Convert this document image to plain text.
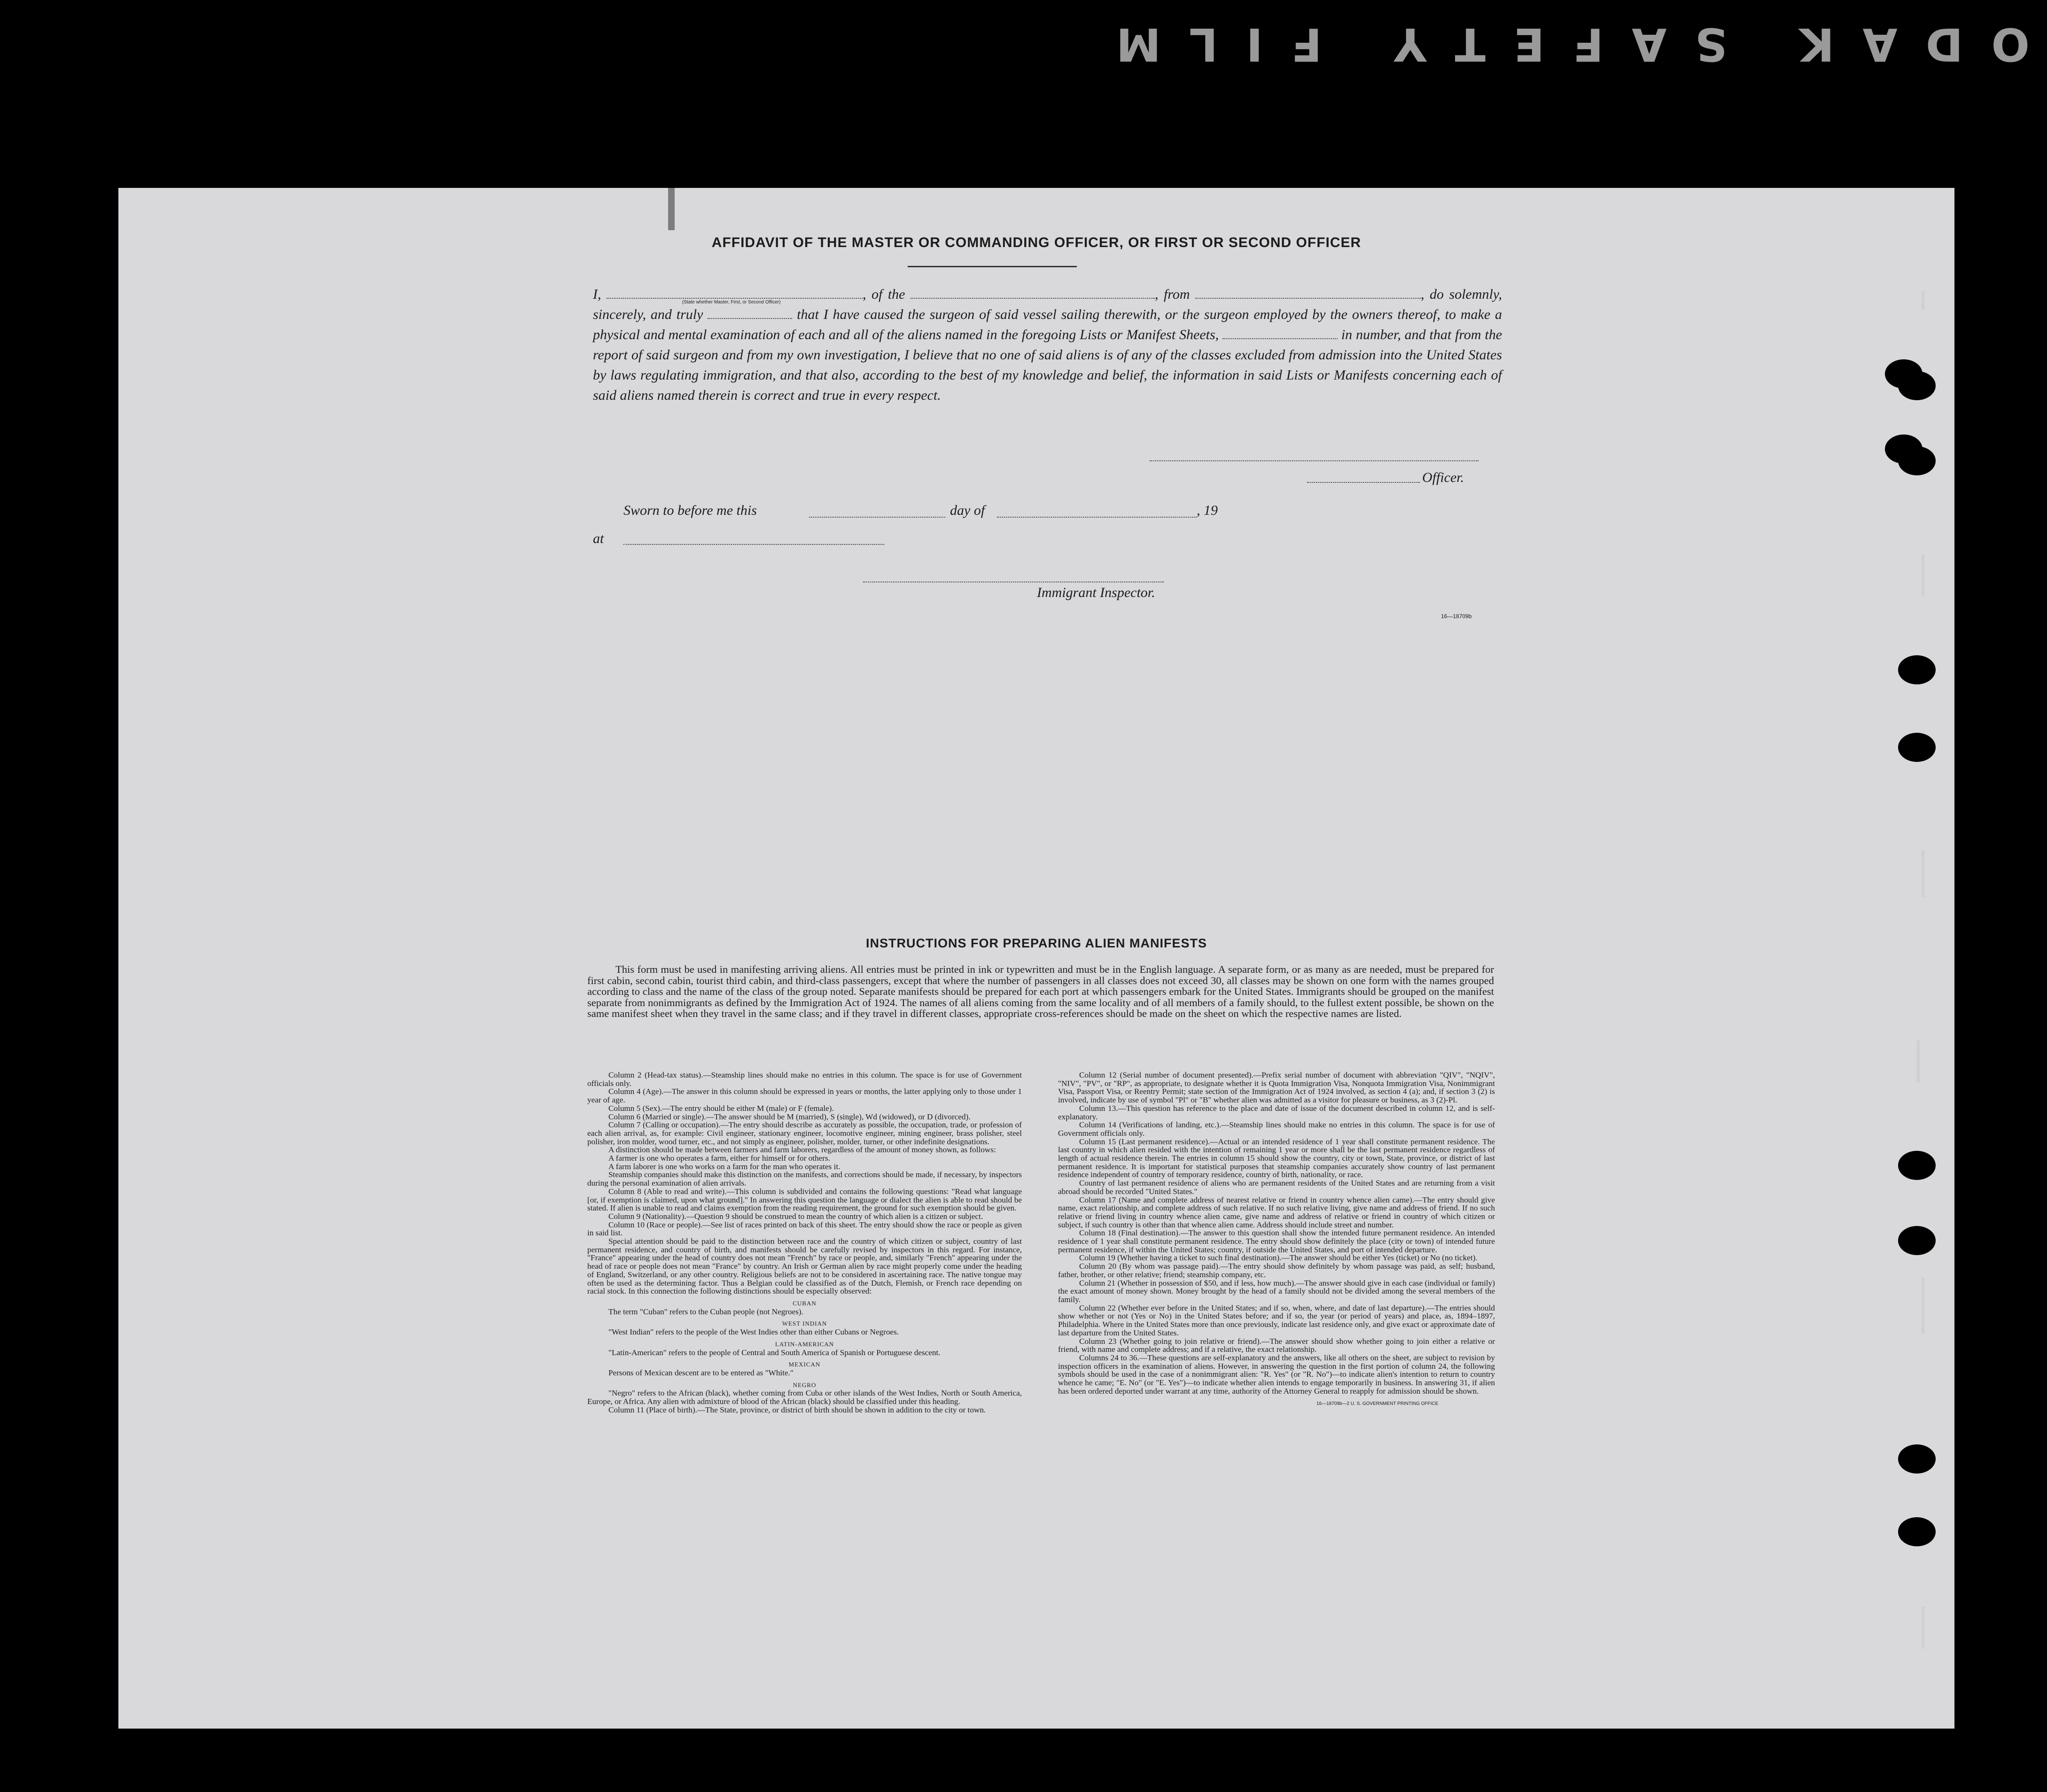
ODAK SAFETY FILM
AFFIDAVIT OF THE MASTER OR COMMANDING OFFICER, OR FIRST OR SECOND OFFICER
I,	, of the	, from	, do solemnly, sincerely, and truly	that I have caused the surgeon of said vessel sailing therewith, or the surgeon employed by the owners thereof, to make a physical and mental examination of each and all of the aliens named in the foregoing Lists or Manifest Sheets,	in number, and that from the report of said surgeon and from my own investigation, I believe that no one of said aliens is of any of the classes excluded from admission into the United States by laws regulating immigration, and that also, according to the best of my knowledge and belief, the information in said Lists or Manifests concerning each of said aliens named therein is correct and true in every respect.
(State whether Master, First, or Second Officer)
Officer.
Sworn to before me this	day of	, 19
at
Immigrant Inspector.
16—18709b
INSTRUCTIONS FOR PREPARING ALIEN MANIFESTS

This form must be used in manifesting arriving aliens. All entries must be printed in ink or typewritten and must be in the English language. A separate form, or as many as are needed, must be prepared for first cabin, second cabin, tourist third cabin, and third-class passengers, except that where the number of passengers in all classes does not exceed 30, all classes may be shown on one form with the names grouped according to class and the name of the class of the group noted. Separate manifests should be prepared for each port at which passengers embark for the United States. Immigrants should be grouped on the manifest separate from nonimmigrants as defined by the Immigration Act of 1924. The names of all aliens coming from the same locality and of all members of a family should, to the fullest extent possible, be shown on the same manifest sheet when they travel in the same class; and if they travel in different classes, appropriate cross-references should be made on the sheet on which the respective names are listed.

Column 2 (Head-tax status).—Steamship lines should make no entries in this column. The space is for use of Government officials only.

Column 4 (Age).—The answer in this column should be expressed in years or months, the latter applying only to those under 1 year of age.

Column 5 (Sex).—The entry should be either M (male) or F (female).

Column 6 (Married or single).—The answer should be M (married), S (single), Wd (widowed), or D (divorced).

Column 7 (Calling or occupation).—The entry should describe as accurately as possible, the occupation, trade, or profession of each alien arrival, as, for example: Civil engineer, stationary engineer, locomotive engineer, mining engineer, brass polisher, steel polisher, iron molder, wood turner, etc., and not simply as engineer, polisher, molder, turner, or other indefinite designations.

A distinction should be made between farmers and farm laborers, regardless of the amount of money shown, as follows:

A farmer is one who operates a farm, either for himself or for others.

A farm laborer is one who works on a farm for the man who operates it.

Steamship companies should make this distinction on the manifests, and corrections should be made, if necessary, by inspectors during the personal examination of alien arrivals.

Column 8 (Able to read and write).—This column is subdivided and contains the following questions: "Read what language [or, if exemption is claimed, upon what ground]." In answering this question the language or dialect the alien is able to read should be stated. If alien is unable to read and claims exemption from the reading requirement, the ground for such exemption should be given.

Column 9 (Nationality).—Question 9 should be construed to mean the country of which alien is a citizen or subject.

Column 10 (Race or people).—See list of races printed on back of this sheet. The entry should show the race or people as given in said list.

Special attention should be paid to the distinction between race and the country of which citizen or subject, country of last permanent residence, and country of birth, and manifests should be carefully revised by inspectors in this regard. For instance, "France" appearing under the head of country does not mean "French" by race or people, and, similarly "French" appearing under the head of race or people does not mean "France" by country. An Irish or German alien by race might properly come under the heading of England, Switzerland, or any other country. Religious beliefs are not to be considered in ascertaining race. The native tongue may often be used as the determining factor. Thus a Belgian could be classified as of the Dutch, Flemish, or French race depending on racial stock. In this connection the following distinctions should be especially observed:

CUBAN

The term "Cuban" refers to the Cuban people (not Negroes).

WEST INDIAN

"West Indian" refers to the people of the West Indies other than either Cubans or Negroes.

LATIN-AMERICAN

"Latin-American" refers to the people of Central and South America of Spanish or Portuguese descent.

MEXICAN

Persons of Mexican descent are to be entered as "White."

NEGRO

"Negro" refers to the African (black), whether coming from Cuba or other islands of the West Indies, North or South America, Europe, or Africa. Any alien with admixture of blood of the African (black) should be classified under this heading.

Column 11 (Place of birth).—The State, province, or district of birth should be shown in addition to the city or town.

Column 12 (Serial number of document presented).—Prefix serial number of document with abbreviation "QIV", "NQIV", "NIV", "PV", or "RP", as appropriate, to designate whether it is Quota Immigration Visa, Nonquota Immigration Visa, Nonimmigrant Visa, Passport Visa, or Reentry Permit; state section of the Immigration Act of 1924 involved, as section 4 (a); and, if section 3 (2) is involved, indicate by use of symbol "Pl" or "B" whether alien was admitted as a visitor for pleasure or business, as 3 (2)-Pl.

Column 13.—This question has reference to the place and date of issue of the document described in column 12, and is self-explanatory.

Column 14 (Verifications of landing, etc.).—Steamship lines should make no entries in this column. The space is for use of Government officials only.

Column 15 (Last permanent residence).—Actual or an intended residence of 1 year shall constitute permanent residence. The last country in which alien resided with the intention of remaining 1 year or more shall be the last permanent residence regardless of length of actual residence therein. The entries in column 15 should show the country, city or town, State, province, or district of last permanent residence. It is important for statistical purposes that steamship companies accurately show country of last permanent residence independent of country of temporary residence, country of birth, nationality, or race.

Country of last permanent residence of aliens who are permanent residents of the United States and are returning from a visit abroad should be recorded "United States."

Column 17 (Name and complete address of nearest relative or friend in country whence alien came).—The entry should give name, exact relationship, and complete address of such relative. If no such relative living, give name and address of friend. If no such relative or friend living in country whence alien came, give name and address of relative or friend in country of which citizen or subject, if such country is other than that whence alien came. Address should include street and number.

Column 18 (Final destination).—The answer to this question shall show the intended future permanent residence. An intended residence of 1 year shall constitute permanent residence. The entry should show definitely the place (city or town) of intended future permanent residence, if within the United States; country, if outside the United States, and port of intended departure.

Column 19 (Whether having a ticket to such final destination).—The answer should be either Yes (ticket) or No (no ticket).

Column 20 (By whom was passage paid).—The entry should show definitely by whom passage was paid, as self; husband, father, brother, or other relative; friend; steamship company, etc.

Column 21 (Whether in possession of $50, and if less, how much).—The answer should give in each case (individual or family) the exact amount of money shown. Money brought by the head of a family should not be divided among the several members of the family.

Column 22 (Whether ever before in the United States; and if so, when, where, and date of last departure).—The entries should show whether or not (Yes or No) in the United States before; and if so, the year (or period of years) and place, as, 1894–1897, Philadelphia. Where in the United States more than once previously, indicate last residence only, and give exact or approximate date of last departure from the United States.

Column 23 (Whether going to join relative or friend).—The answer should show whether going to join either a relative or friend, with name and complete address; and if a relative, the exact relationship.

Columns 24 to 36.—These questions are self-explanatory and the answers, like all others on the sheet, are subject to revision by inspection officers in the examination of aliens. However, in answering the question in the first portion of column 24, the following symbols should be used in the case of a nonimmigrant alien: "R. Yes" (or "R. No")—to indicate alien's intention to return to country whence he came; "E. No" (or "E. Yes")—to indicate whether alien intends to engage temporarily in business. In answering 31, if alien has been ordered deported under warrant at any time, authority of the Attorney General to reapply for admission should be shown.

16—18709b—2 U. S. GOVERNMENT PRINTING OFFICE
